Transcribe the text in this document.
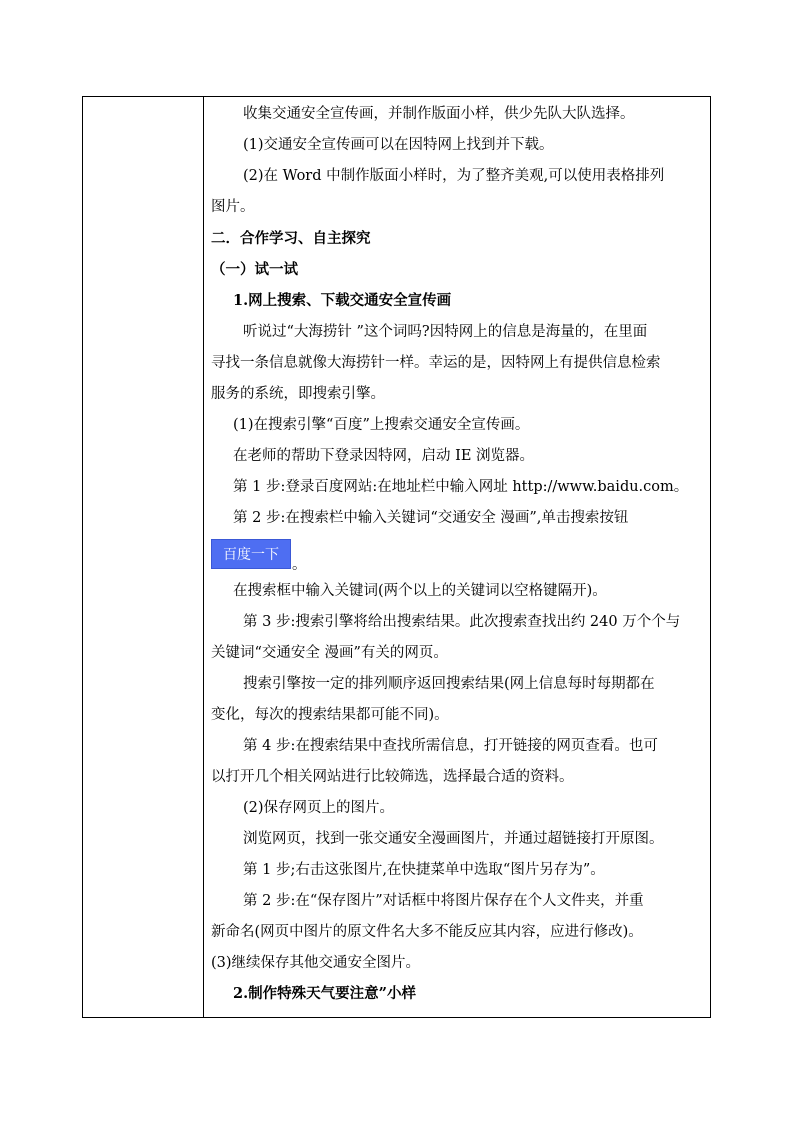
收集交通安全宣传画，并制作版面小样，供少先队大队选择。
(1)交通安全宣传画可以在因特网上找到并下载。
(2)在 Word 中制作版面小样时，为了整齐美观,可以使用表格排列
图片。
二．合作学习、自主探究
（一）试一试
1.网上搜索、下载交通安全宣传画
听说过“大海捞针 ”这个词吗?因特网上的信息是海量的，在里面
寻找一条信息就像大海捞针一样。幸运的是，因特网上有提供信息检索
服务的系统，即搜索引擎。
(1)在搜索引擎“百度”上搜索交通安全宣传画。
在老师的帮助下登录因特网，启动 IE 浏览器。
第 1 步:登录百度网站:在地址栏中输入网址 http://www.baidu.com。
第 2 步:在搜索栏中输入关键词“交通安全 漫画”,单击搜索按钮
百度一下
。
在搜索框中输入关键词(两个以上的关键词以空格键隔开)。
第 3 步:搜索引擎将给出搜索结果。此次搜索查找出约 240 万个个与
关键词“交通安全 漫画”有关的网页。
搜索引擎按一定的排列顺序返回搜索结果(网上信息每时每期都在
变化，每次的搜索结果都可能不同)。
第 4 步:在搜索结果中查找所需信息，打开链接的网页查看。也可
以打开几个相关网站进行比较筛选，选择最合适的资料。
(2)保存网页上的图片。
浏览网页，找到一张交通安全漫画图片，并通过超链接打开原图。
第 1 步;右击这张图片,在快捷菜单中选取“图片另存为”。
第 2 步:在“保存图片”对话框中将图片保存在个人文件夹，并重
新命名(网页中图片的原文件名大多不能反应其内容，应进行修改)。
(3)继续保存其他交通安全图片。
2.制作特殊天气要注意”小样
